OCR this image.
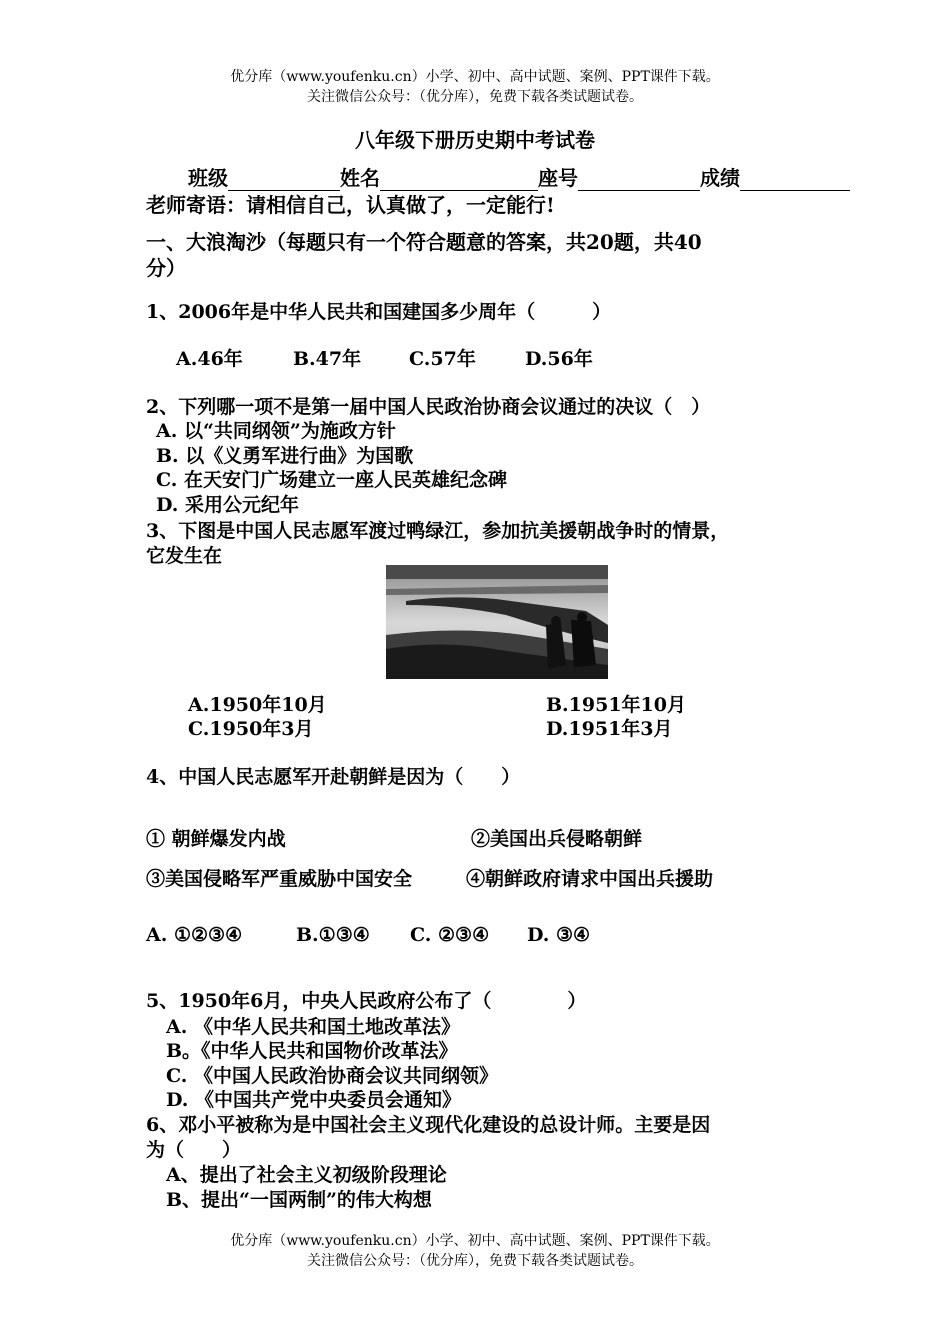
优分库（www.youfenku.cn）小学、初中、高中试题、案例、PPT课件下载。
关注微信公众号：（优分库），免费下载各类试题试卷。
八年级下册历史期中考试卷
班级	姓名	座号	成绩
老师寄语：请相信自己，认真做了，一定能行!
一、大浪淘沙（每题只有一个符合题意的答案，共20题，共40
分）
1、2006年是中华人民共和国建国多少周年（　　　）
A.46年	B.47年	C.57年	D.56年
2、下列哪一项不是第一届中国人民政治协商会议通过的决议（　）
A. 以“共同纲领”为施政方针
B. 以《义勇军进行曲》为国歌
C. 在天安门广场建立一座人民英雄纪念碑
D. 采用公元纪年
3、下图是中国人民志愿军渡过鸭绿江，参加抗美援朝战争时的情景，
它发生在
A.1950年10月	B.1951年10月
C.1950年3月	D.1951年3月
4、中国人民志愿军开赴朝鲜是因为（　　）
① 朝鲜爆发内战	②美国出兵侵略朝鲜
③美国侵略军严重威胁中国安全	④朝鲜政府请求中国出兵援助
A. ①②③④	B.①③④ C. ②③④ D. ③④
5、1950年6月，中央人民政府公布了（　　　　）
A. 《中华人民共和国土地改革法》
B。《中华人民共和国物价改革法》
C. 《中国人民政治协商会议共同纲领》
D. 《中国共产党中央委员会通知》
6、邓小平被称为是中国社会主义现代化建设的总设计师。主要是因
为（　　）
A、提出了社会主义初级阶段理论
B、提出“一国两制”的伟大构想
优分库（www.youfenku.cn）小学、初中、高中试题、案例、PPT课件下载。
关注微信公众号：（优分库），免费下载各类试题试卷。
